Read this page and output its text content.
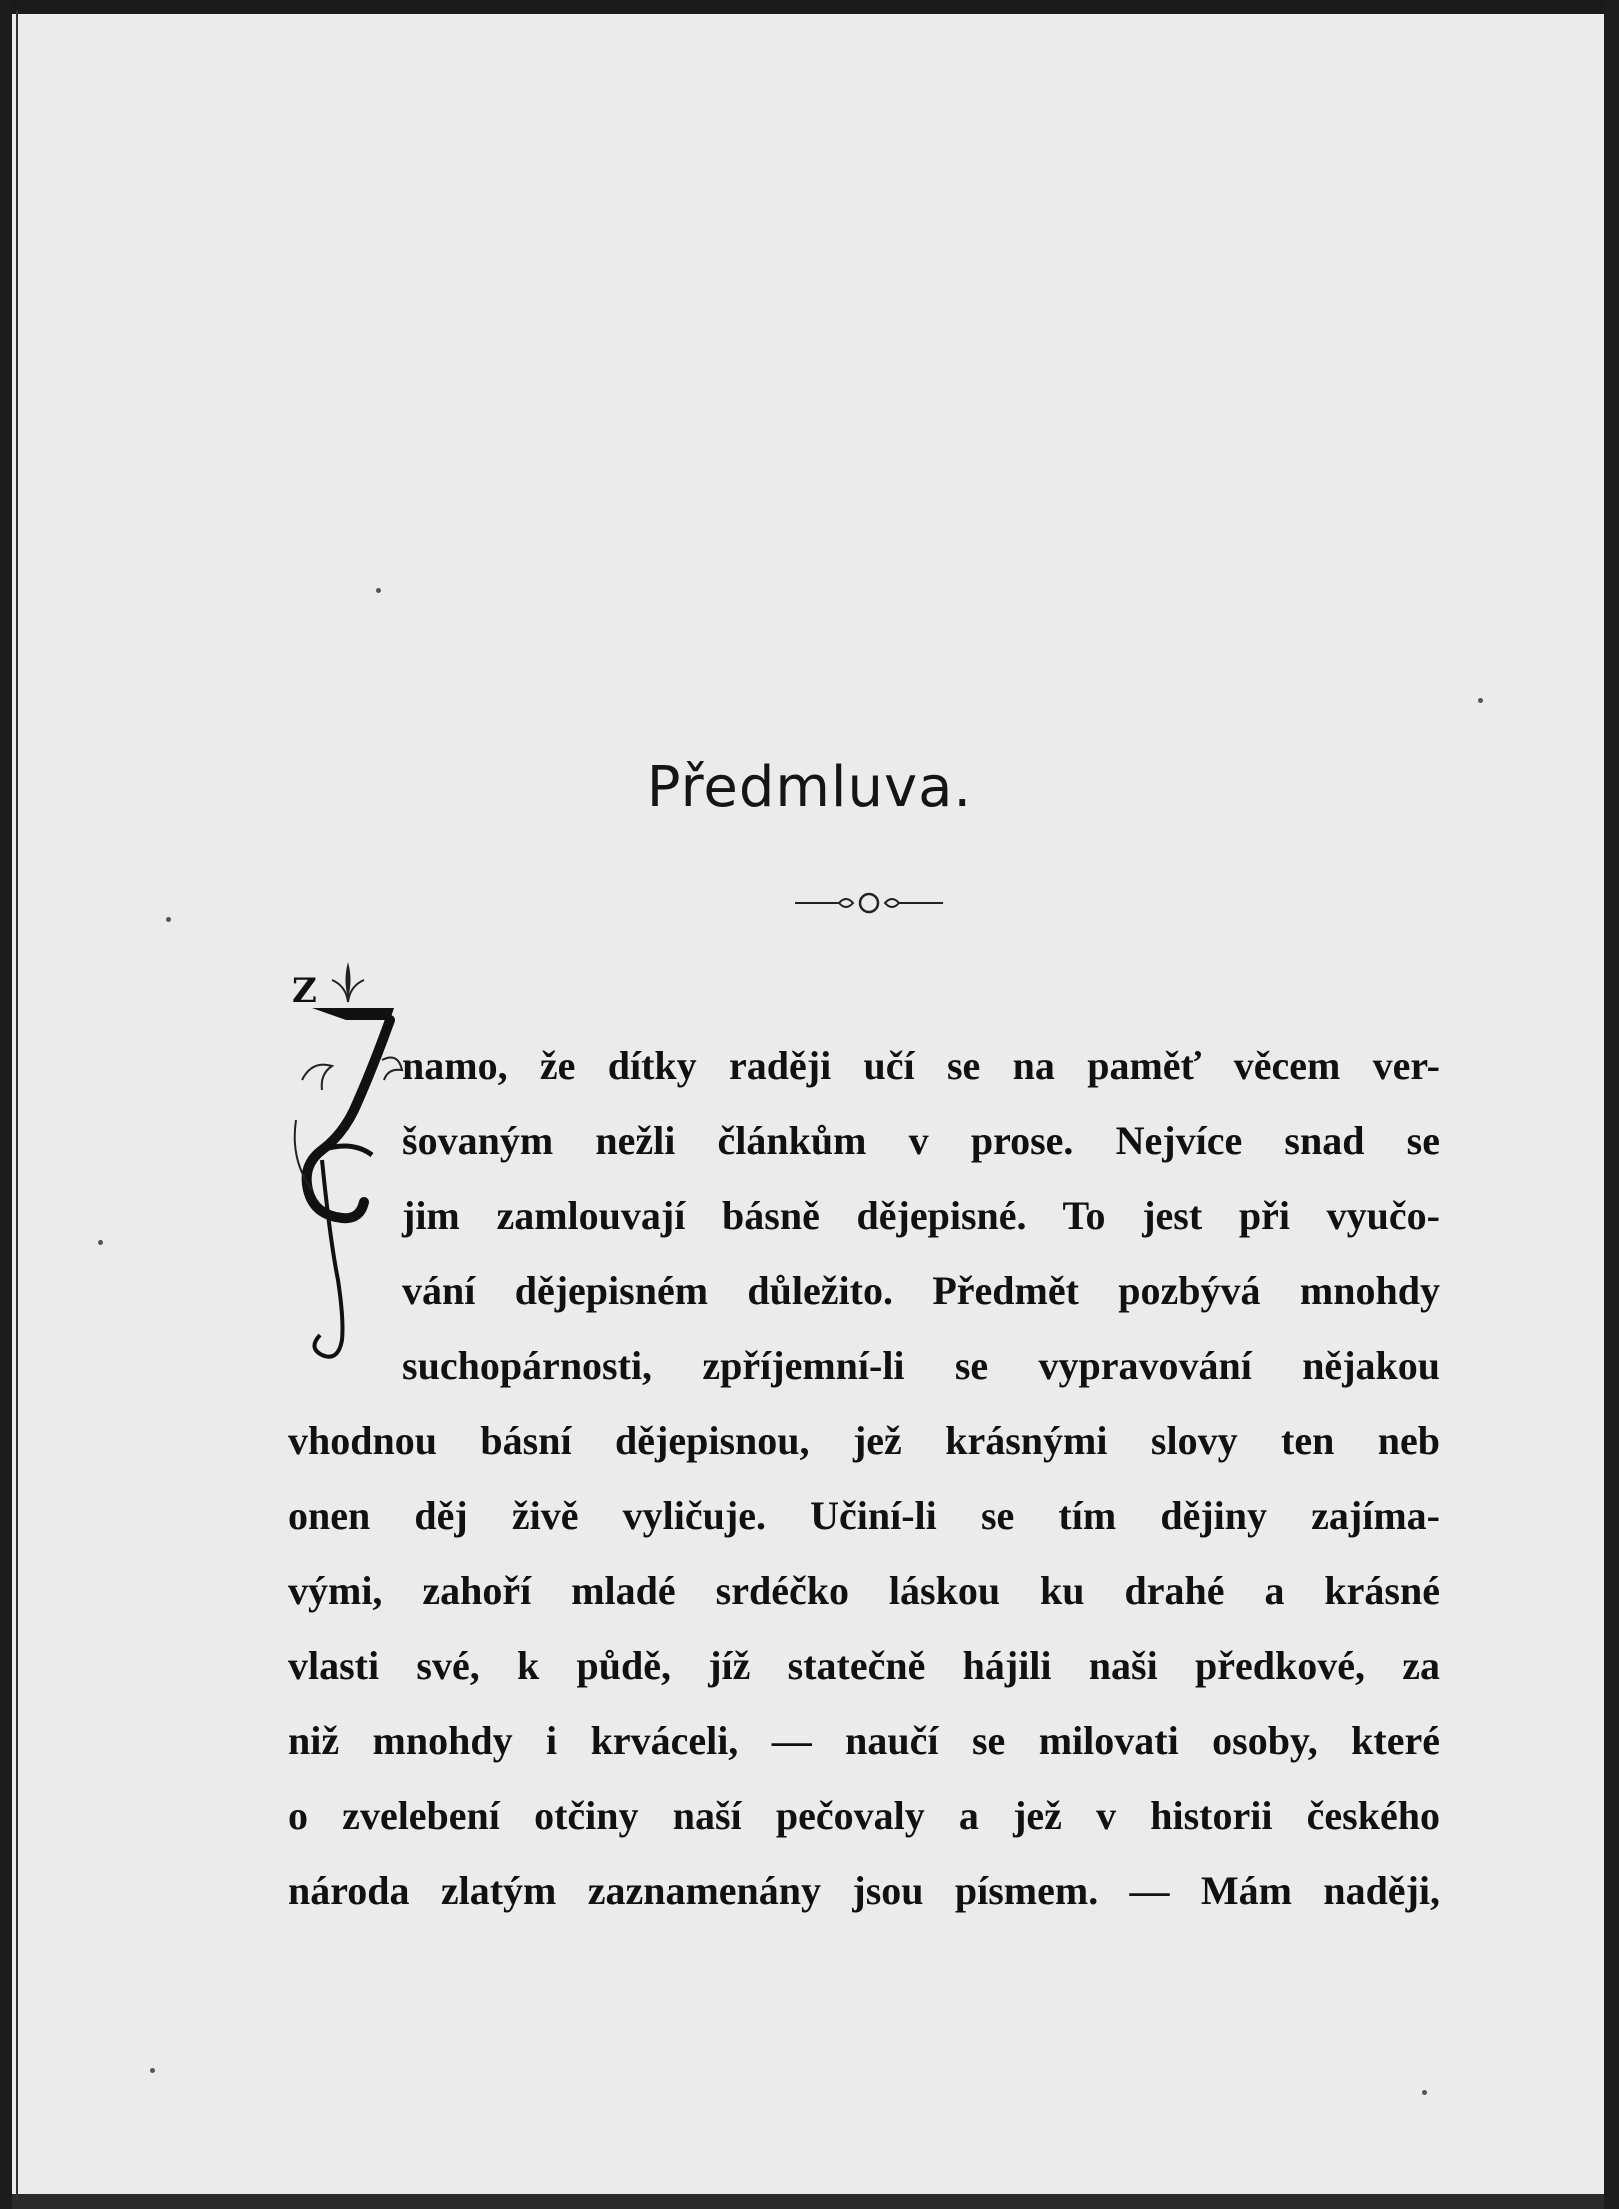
Předmluva.
Z
namo, že dítky raději učí se na paměť věcem ver-
šovaným nežli článkům v prose. Nejvíce snad se
jim zamlouvají básně dějepisné. To jest při vyučo-
vání dějepisném důležito. Předmět pozbývá mnohdy
suchopárnosti, zpříjemní-li se vypravování nějakou
vhodnou básní dějepisnou, jež krásnými slovy ten neb
onen děj živě vyličuje. Učiní-li se tím dějiny zajíma-
vými, zahoří mladé srdéčko láskou ku drahé a krásné
vlasti své, k půdě, jíž statečně hájili naši předkové, za
niž mnohdy i krváceli, — naučí se milovati osoby, které
o zvelebení otčiny naší pečovaly a jež v historii českého
národa zlatým zaznamenány jsou písmem. — Mám naději,
